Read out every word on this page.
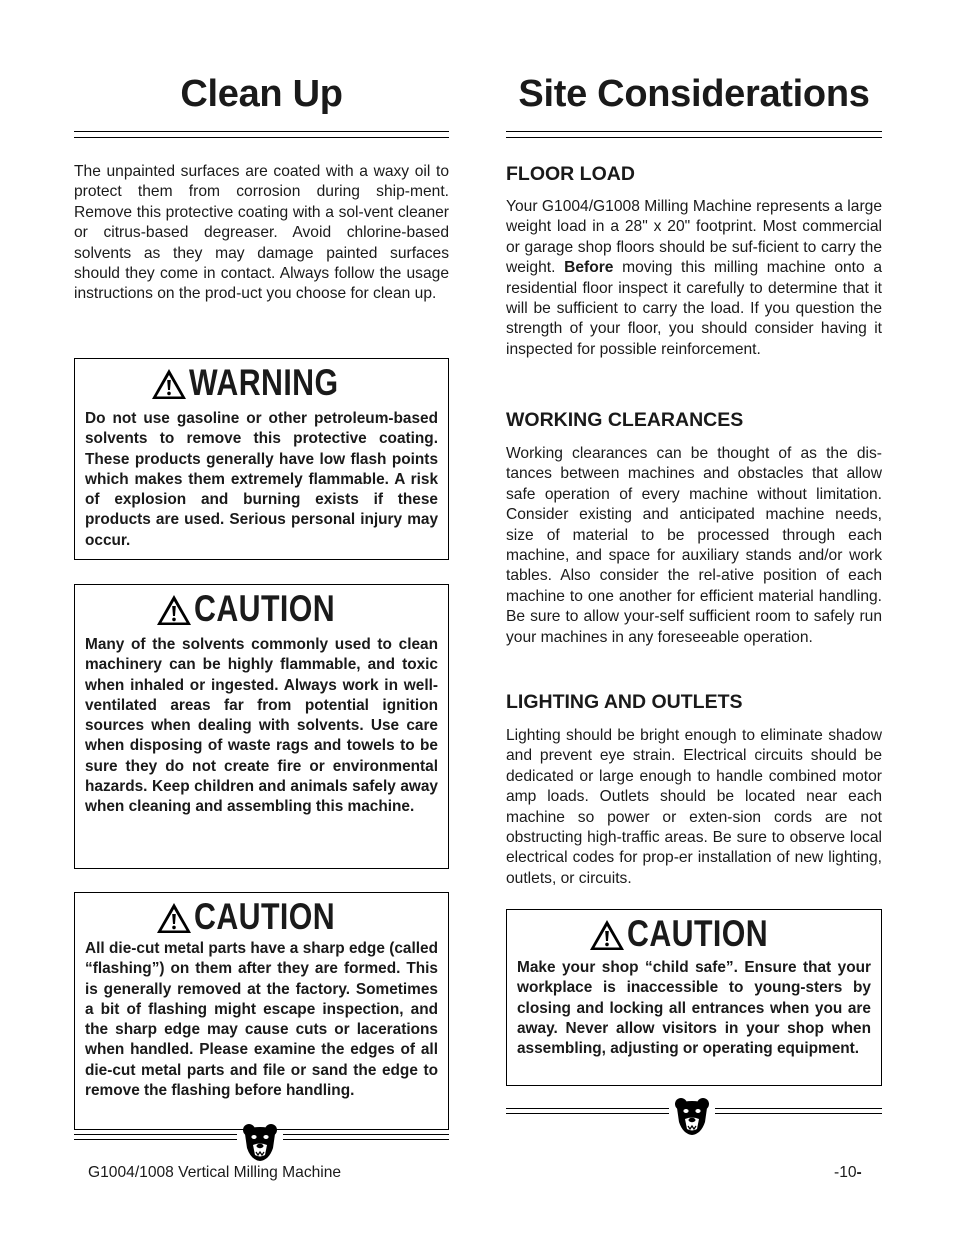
Clean Up

The unpainted surfaces are coated with a waxy oil to protect them from corrosion during ship-ment. Remove this protective coating with a sol-vent cleaner or citrus-based degreaser. Avoid chlorine-based solvents as they may damage painted surfaces should they come in contact. Always follow the usage instructions on the prod-uct you choose for clean up.

WARNING

Do not use gasoline or other petroleum-based solvents to remove this protective coating. These products generally have low flash points which makes them extremely flammable. A risk of explosion and burning exists if these products are used. Serious personal injury may occur.

CAUTION

Many of the solvents commonly used to clean machinery can be highly flammable, and toxic when inhaled or ingested. Always work in well-ventilated areas far from potential ignition sources when dealing with solvents. Use care when disposing of waste rags and towels to be sure they do not create fire or environmental hazards. Keep children and animals safely away when cleaning and assembling this machine.

CAUTION

All die-cut metal parts have a sharp edge (called “flashing”) on them after they are formed. This is generally removed at the factory. Sometimes a bit of flashing might escape inspection, and the sharp edge may cause cuts or lacerations when handled. Please examine the edges of all die-cut metal parts and file or sand the edge to remove the flashing before handling.

Site Considerations
FLOOR LOAD

Your G1004/G1008 Milling Machine represents a large weight load in a 28" x 20" footprint. Most commercial or garage shop floors should be suf-ficient to carry the weight. Before moving this milling machine onto a residential floor inspect it carefully to determine that it will be sufficient to carry the load. If you question the strength of your floor, you should consider having it inspected for possible reinforcement.

WORKING CLEARANCES

Working clearances can be thought of as the dis-tances between machines and obstacles that allow safe operation of every machine without limitation. Consider existing and anticipated machine needs, size of material to be processed through each machine, and space for auxiliary stands and/or work tables. Also consider the rel-ative position of each machine to one another for efficient material handling. Be sure to allow your-self sufficient room to safely run your machines in any foreseeable operation.

LIGHTING AND OUTLETS

Lighting should be bright enough to eliminate shadow and prevent eye strain. Electrical circuits should be dedicated or large enough to handle combined motor amp loads. Outlets should be located near each machine so power or exten-sion cords are not obstructing high-traffic areas. Be sure to observe local electrical codes for prop-er installation of new lighting, outlets, or circuits.

CAUTION

Make your shop “child safe”. Ensure that your workplace is inaccessible to young-sters by closing and locking all entrances when you are away. Never allow visitors in your shop when assembling, adjusting or operating equipment.

G1004/1008 Vertical Milling Machine	-10-
